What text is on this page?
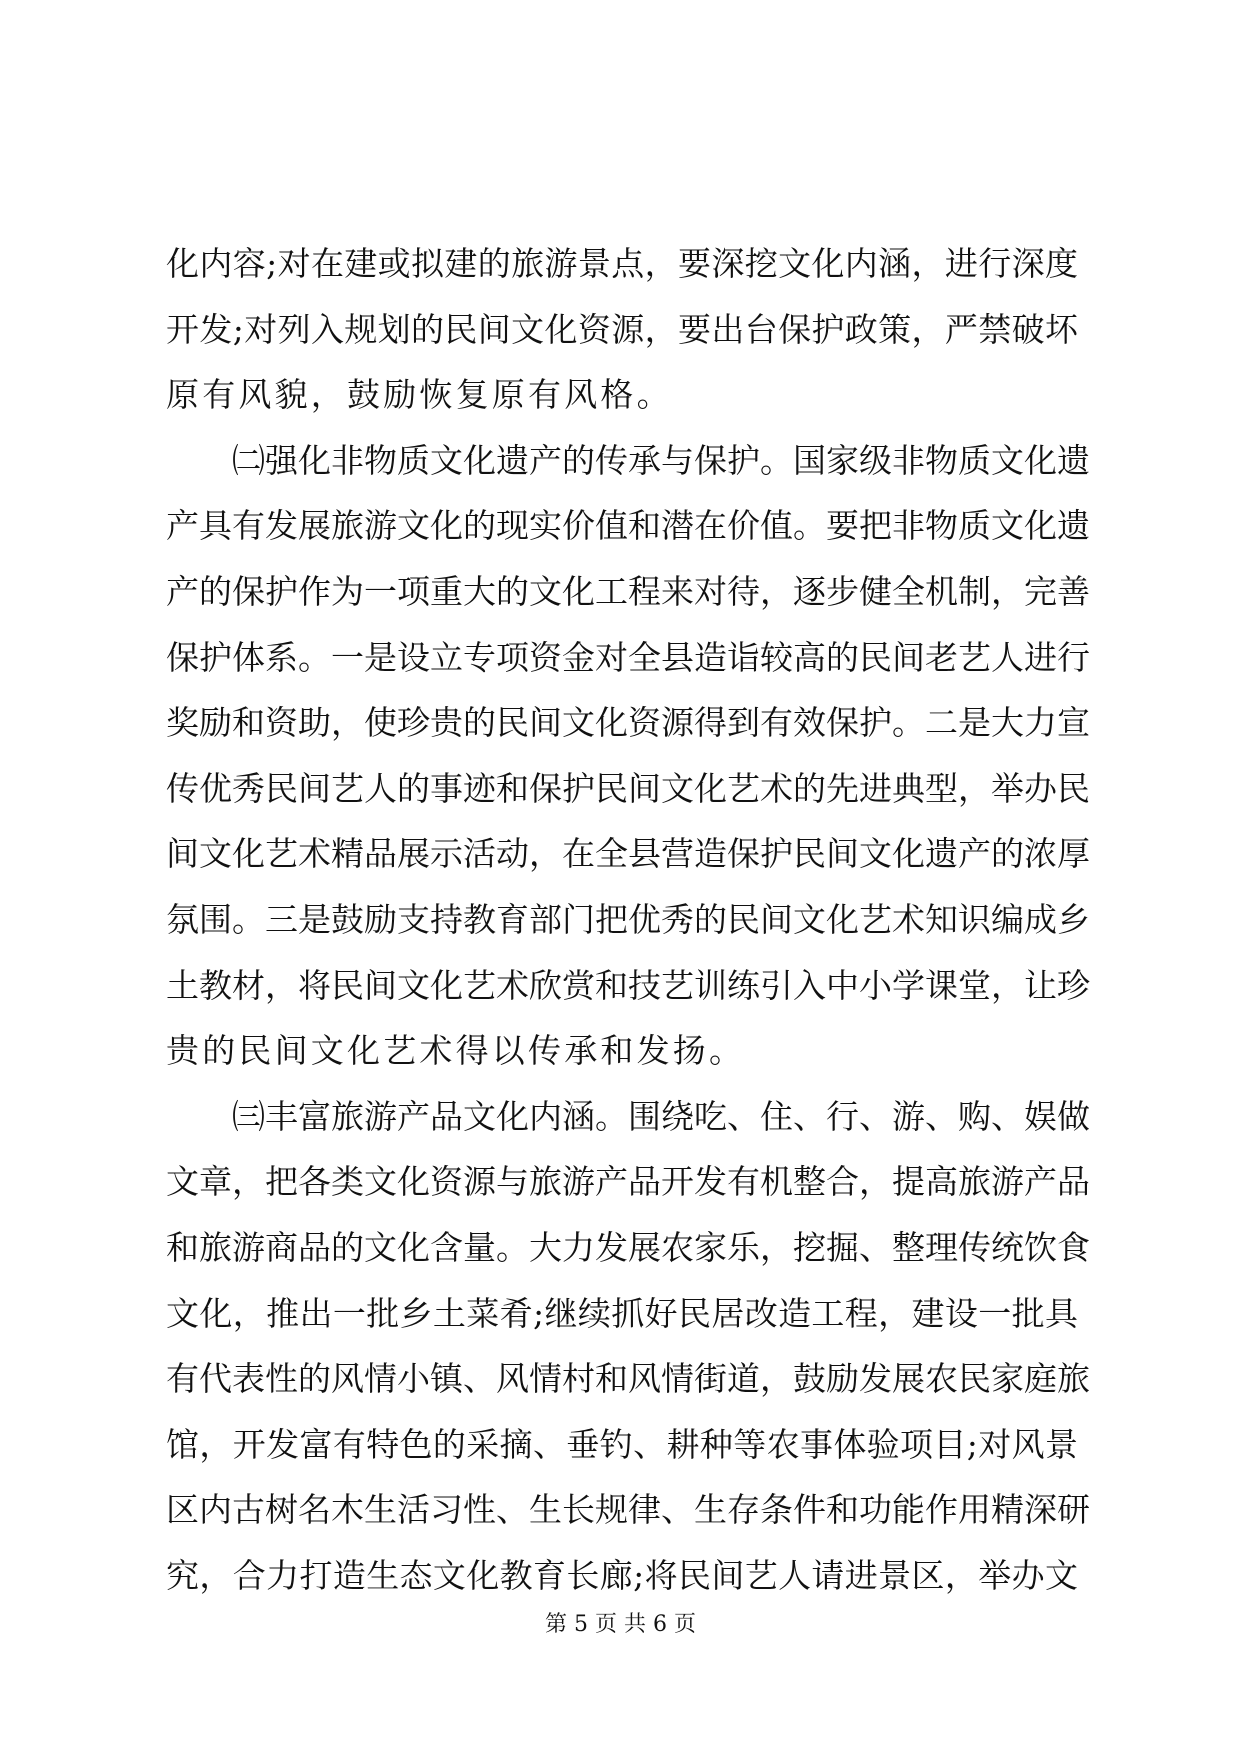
化内容;对在建或拟建的旅游景点，要深挖文化内涵，进行深度
开发;对列入规划的民间文化资源，要出台保护政策，严禁破坏
原有风貌，鼓励恢复原有风格。
㈡强化非物质文化遗产的传承与保护。国家级非物质文化遗
产具有发展旅游文化的现实价值和潜在价值。要把非物质文化遗
产的保护作为一项重大的文化工程来对待，逐步健全机制，完善
保护体系。一是设立专项资金对全县造诣较高的民间老艺人进行
奖励和资助，使珍贵的民间文化资源得到有效保护。二是大力宣
传优秀民间艺人的事迹和保护民间文化艺术的先进典型，举办民
间文化艺术精品展示活动，在全县营造保护民间文化遗产的浓厚
氛围。三是鼓励支持教育部门把优秀的民间文化艺术知识编成乡
土教材，将民间文化艺术欣赏和技艺训练引入中小学课堂，让珍
贵的民间文化艺术得以传承和发扬。
㈢丰富旅游产品文化内涵。围绕吃、住、行、游、购、娱做
文章，把各类文化资源与旅游产品开发有机整合，提高旅游产品
和旅游商品的文化含量。大力发展农家乐，挖掘、整理传统饮食
文化，推出一批乡土菜肴;继续抓好民居改造工程，建设一批具
有代表性的风情小镇、风情村和风情街道，鼓励发展农民家庭旅
馆，开发富有特色的采摘、垂钓、耕种等农事体验项目;对风景
区内古树名木生活习性、生长规律、生存条件和功能作用精深研
究，合力打造生态文化教育长廊;将民间艺人请进景区，举办文
第 5 页 共 6 页
